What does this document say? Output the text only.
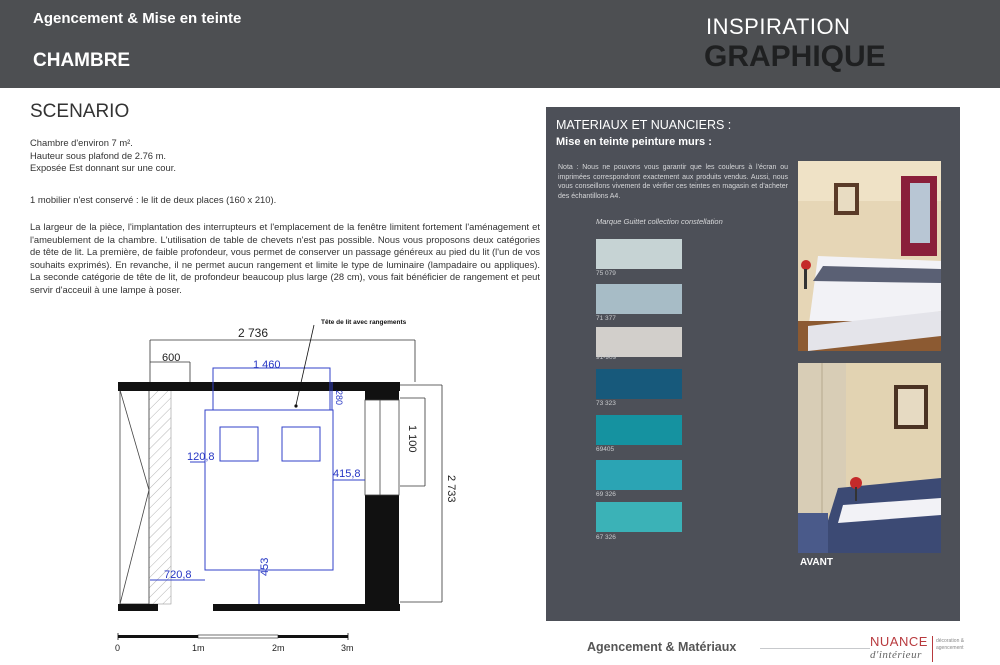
Agencement & Mise en teinte
CHAMBRE
INSPIRATION
GRAPHIQUE
SCENARIO

Chambre d'environ 7 m².
Hauteur sous plafond de 2.76 m.
Exposée Est donnant sur une cour.

1 mobilier n'est conservé : le lit de deux places (160 x 210).

La largeur de la pièce, l'implantation des interrupteurs et l'emplacement de la fenêtre limitent fortement l'aménagement et l'ameublement de la chambre. L'utilisation de table de chevets n'est pas possible. Nous vous proposons deux catégories de tête de lit. La première, de faible profondeur, vous permet de conserver un passage généreux au pied du lit (l'un de vos souhaits exprimés). En revanche, il ne permet aucun rangement et limite le type de luminaire (lampadaire ou appliques). La seconde catégorie de tête de lit, de profondeur beaucoup plus large (28 cm), vous fait bénéficier de rangement et peut servir d'acceuil à une lampe à poser.

2 736
600
1 100
2 733
Tête de lit avec rangements
1 460
280
120,8
415,8
720,8	453
0	1m	2m	3m
MATERIAUX ET NUANCIERS :
Mise en teinte peinture murs :

Nota : Nous ne pouvons vous garantir que les couleurs à l'écran ou imprimées correspondront exactement aux produits vendus. Aussi, nous vous conseillons vivement de vérifier ces teintes en magasin et d'acheter des échantillons A4.

Marque Guittet collection constellation
75 079
71 377
91-909
73 323
69405
69 326
67 326
AVANT
Agencement & Matériaux	NUANCE
d'intérieur
décoration & agencement
